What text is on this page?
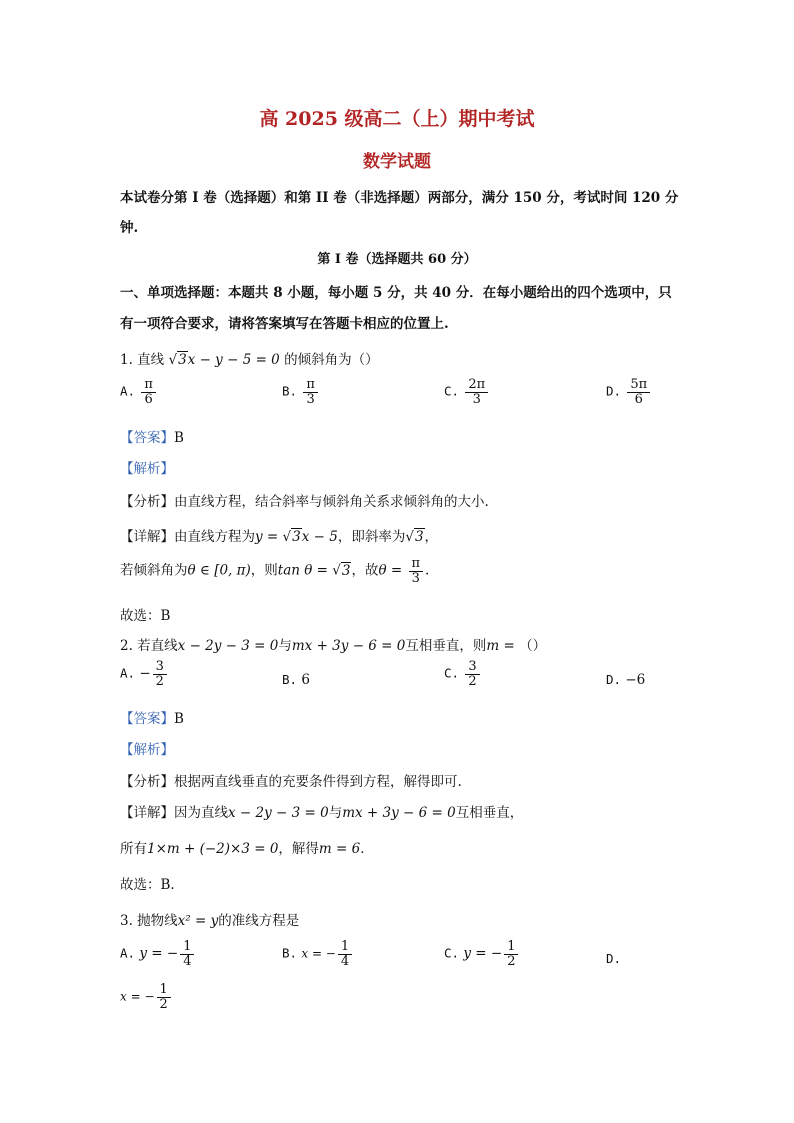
高 2025 级高二（上）期中考试
数学试题
本试卷分第 I 卷（选择题）和第 II 卷（非选择题）两部分，满分 150 分，考试时间 120 分
钟.
第 I 卷（选择题共 60 分）
一、单项选择题：本题共 8 小题，每小题 5 分，共 40 分．在每小题给出的四个选项中，只
有一项符合要求，请将答案填写在答题卡相应的位置上.
1. 直线 √3x − y − 5 = 0 的倾斜角为（）
A. $\frac{\pi}{6}$	B. $\frac{\pi}{3}$	C. $\frac{2\pi}{3}$	D. $\frac{5\pi}{6}$
【答案】B
【解析】
【分析】由直线方程，结合斜率与倾斜角关系求倾斜角的大小.
【详解】由直线方程为y = √3x − 5，即斜率为√3，
若倾斜角为θ ∈ [0, π)，则tan θ = √3，故$\theta = \frac{\pi}{3}$ .
故选：B
2. 若直线x − 2y − 3 = 0与mx + 3y − 6 = 0互相垂直，则m = （）
A. − $\frac{3}{2}$	B. 6	C. $\frac{3}{2}$	D. −6
【答案】B
【解析】
【分析】根据两直线垂直的充要条件得到方程，解得即可.
【详解】因为直线x − 2y − 3 = 0与mx + 3y − 6 = 0互相垂直，
所有1×m + (−2)×3 = 0，解得m = 6．
故选：B.
3. 抛物线x² = y的准线方程是
A. y = − $\frac{1}{4}$	B. x = − $\frac{1}{4}$	C. y = − $\frac{1}{2}$	D.
x = − $\frac{1}{2}$
